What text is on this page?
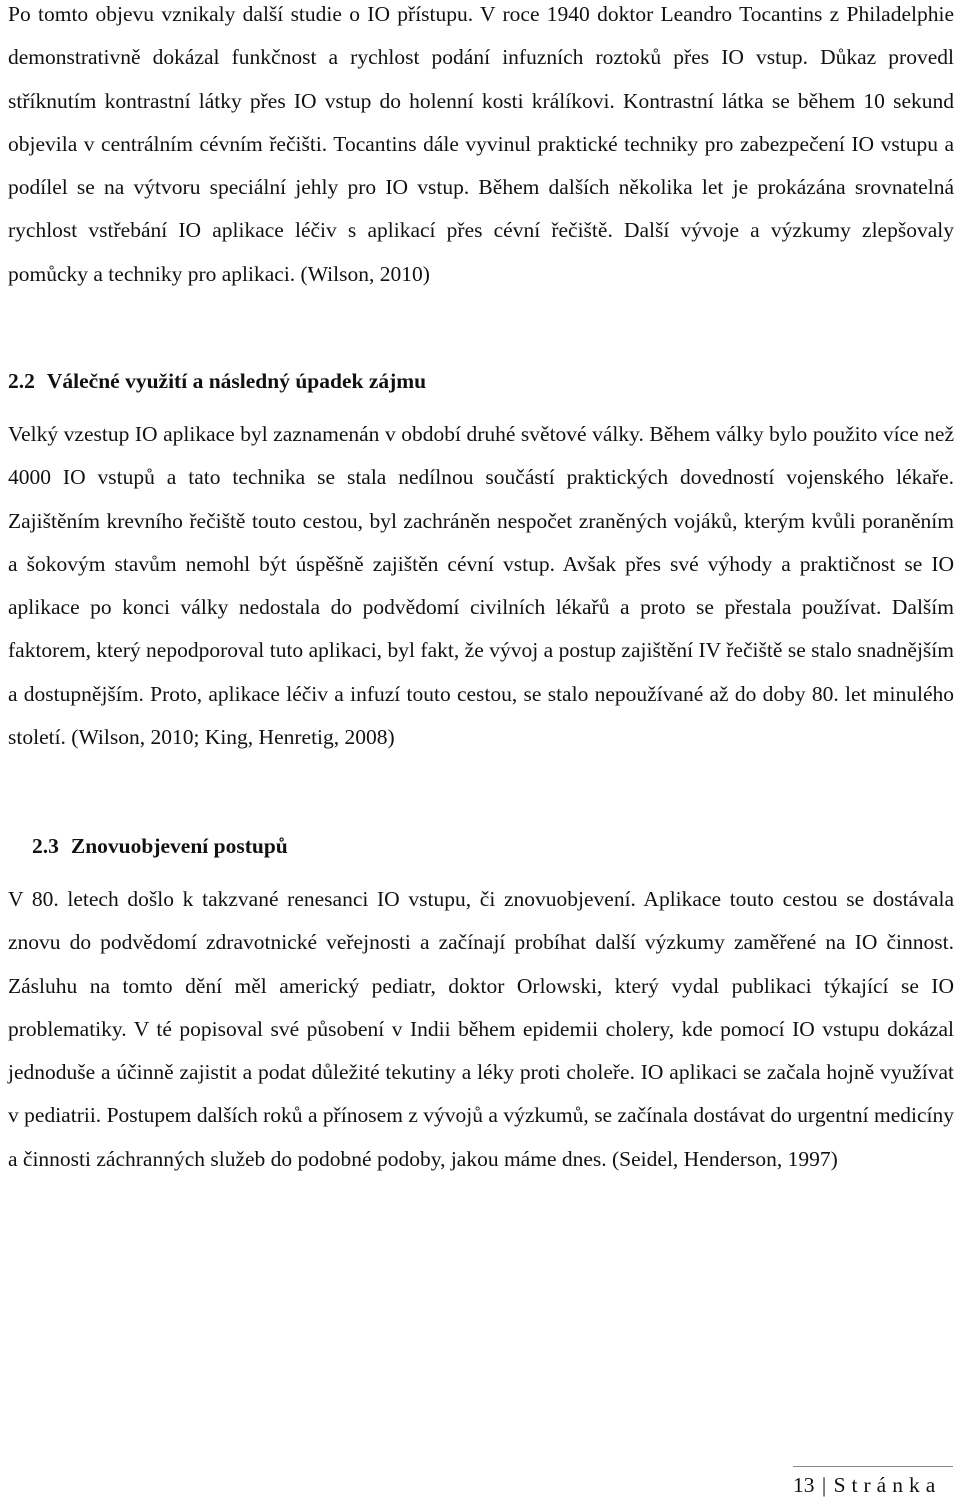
Po tomto objevu vznikaly další studie o IO přístupu. V roce 1940 doktor Leandro Tocantins z Philadelphie demonstrativně dokázal funkčnost a rychlost podání infuzních roztoků přes IO vstup. Důkaz provedl stříknutím kontrastní látky přes IO vstup do holenní kosti králíkovi. Kontrastní látka se během 10 sekund objevila v centrálním cévním řečišti. Tocantins dále vyvinul praktické techniky pro zabezpečení IO vstupu a podílel se na výtvoru speciální jehly pro IO vstup. Během dalších několika let je prokázána srovnatelná rychlost vstřebání IO aplikace léčiv s aplikací přes cévní řečiště. Další vývoje a výzkumy zlepšovaly pomůcky a techniky pro aplikaci. (Wilson, 2010)

2.2 Válečné využití a následný úpadek zájmu

Velký vzestup IO aplikace byl zaznamenán v období druhé světové války. Během války bylo použito více než 4000 IO vstupů a tato technika se stala nedílnou součástí praktických dovedností vojenského lékaře. Zajištěním krevního řečiště touto cestou, byl zachráněn nespočet zraněných vojáků, kterým kvůli poraněním a šokovým stavům nemohl být úspěšně zajištěn cévní vstup. Avšak přes své výhody a praktičnost se IO aplikace po konci války nedostala do podvědomí civilních lékařů a proto se přestala používat. Dalším faktorem, který nepodporoval tuto aplikaci, byl fakt, že vývoj a postup zajištění IV řečiště se stalo snadnějším a dostupnějším. Proto, aplikace léčiv a infuzí touto cestou, se stalo nepoužívané až do doby 80. let minulého století. (Wilson, 2010; King, Henretig, 2008)

2.3 Znovuobjevení postupů

V 80. letech došlo k takzvané renesanci IO vstupu, či znovuobjevení. Aplikace touto cestou se dostávala znovu do podvědomí zdravotnické veřejnosti a začínají probíhat další výzkumy zaměřené na IO činnost. Zásluhu na tomto dění měl americký pediatr, doktor Orlowski, který vydal publikaci týkající se IO problematiky. V té popisoval své působení v Indii během epidemii cholery, kde pomocí IO vstupu dokázal jednoduše a účinně zajistit a podat důležité tekutiny a léky proti choleře. IO aplikaci se začala hojně využívat v pediatrii. Postupem dalších roků a přínosem z vývojů a výzkumů, se začínala dostávat do urgentní medicíny a činnosti záchranných služeb do podobné podoby, jakou máme dnes. (Seidel, Henderson, 1997)

13 | Stránka
